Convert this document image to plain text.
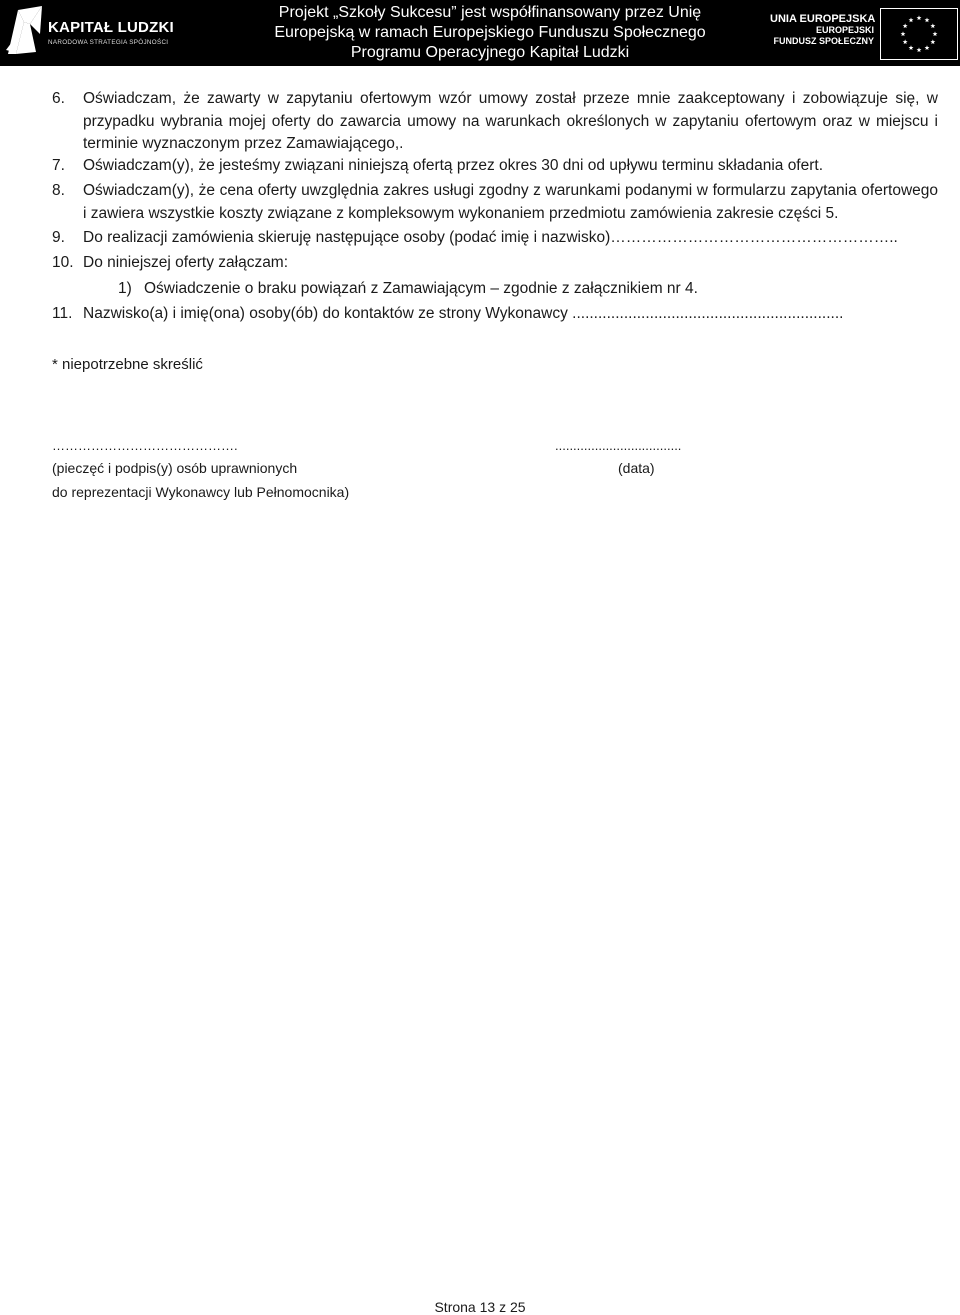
KAPITAŁ LUDZKI
NARODOWA STRATEGIA SPÓJNOŚCI
Projekt „Szkoły Sukcesu” jest współfinansowany przez Unię
Europejską w ramach Europejskiego Funduszu Społecznego
Programu Operacyjnego Kapitał Ludzki
UNIA EUROPEJSKA
EUROPEJSKI
FUNDUSZ SPOŁECZNY
6. Oświadczam, że zawarty w zapytaniu ofertowym wzór umowy został przeze mnie zaakceptowany i zobowiązuje się, w przypadku wybrania mojej oferty do zawarcia umowy na warunkach określonych w zapytaniu ofertowym oraz w miejscu i terminie wyznaczonym przez Zamawiającego,.
7. Oświadczam(y), że jesteśmy związani niniejszą ofertą przez okres 30 dni od upływu terminu składania ofert.
8. Oświadczam(y), że cena oferty uwzględnia zakres usługi zgodny z warunkami podanymi w formularzu zapytania ofertowego i zawiera wszystkie koszty związane z kompleksowym wykonaniem przedmiotu zamówienia zakresie części 5.
9. Do realizacji zamówienia skieruję następujące osoby (podać imię i nazwisko)………………………………………………..
10. Do niniejszej oferty załączam:
1) Oświadczenie o braku powiązań z Zamawiającym – zgodnie z załącznikiem nr 4.
11. Nazwisko(a) i imię(ona) osoby(ób) do kontaktów ze strony Wykonawcy ...............................................................
* niepotrzebne skreślić
…………………………………….	...................................
(pieczęć i podpis(y) osób uprawnionych	(data)
do reprezentacji Wykonawcy lub Pełnomocnika)
Strona 13 z 25
